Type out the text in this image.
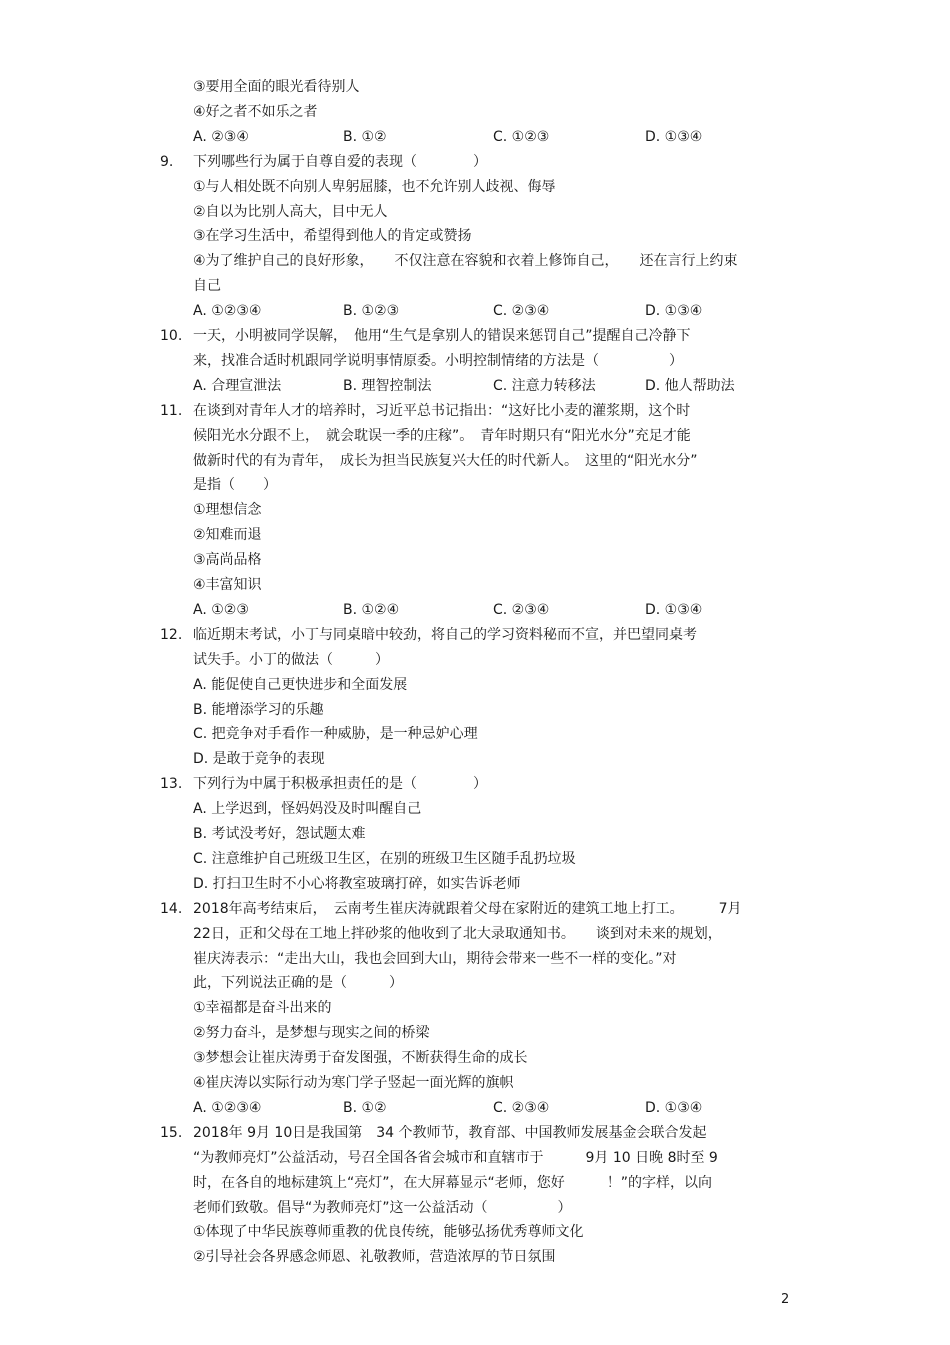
③要用全面的眼光看待别人
④好之者不如乐之者
A. ②③④	B. ①②	C. ①②③	D. ①③④
9. 下列哪些行为属于自尊自爱的表现（　　　　）
①与人相处既不向别人卑躬屈膝，也不允许别人歧视、侮辱
②自以为比别人高大，目中无人
③在学习生活中，希望得到他人的肯定或赞扬
④为了维护自己的良好形象，　　不仅注意在容貌和衣着上修饰自己，　　还在言行上约束
自己
A. ①②③④	B. ①②③	C. ②③④	D. ①③④
10. 一天，小明被同学误解，　他用“生气是拿别人的错误来惩罚自己”提醒自己冷静下
来，找准合适时机跟同学说明事情原委。小明控制情绪的方法是（　　　　　）
A. 合理宣泄法	B. 理智控制法	C. 注意力转移法	D. 他人帮助法
11. 在谈到对青年人才的培养时，习近平总书记指出：“这好比小麦的灌浆期，这个时
候阳光水分跟不上，　就会耽误一季的庄稼”。　青年时期只有“阳光水分”充足才能
做新时代的有为青年，　成长为担当民族复兴大任的时代新人。　这里的“阳光水分”
是指（　　）
①理想信念
②知难而退
③高尚品格
④丰富知识
A. ①②③	B. ①②④	C. ②③④	D. ①③④
12. 临近期末考试，小丁与同桌暗中较劲，将自己的学习资料秘而不宣，并巴望同桌考
试失手。小丁的做法（　　　）
A. 能促使自己更快进步和全面发展
B. 能增添学习的乐趣
C. 把竞争对手看作一种威胁，是一种忌妒心理
D. 是敢于竞争的表现
13. 下列行为中属于积极承担责任的是（　　　　）
A. 上学迟到，怪妈妈没及时叫醒自己
B. 考试没考好，怨试题太难
C. 注意维护自己班级卫生区，在别的班级卫生区随手乱扔垃圾
D. 打扫卫生时不小心将教室玻璃打碎，如实告诉老师
14. 2018年高考结束后，　云南考生崔庆涛就跟着父母在家附近的建筑工地上打工。　　　7月
22日，正和父母在工地上拌砂浆的他收到了北大录取通知书。　　谈到对未来的规划，
崔庆涛表示：“走出大山，我也会回到大山，期待会带来一些不一样的变化。”对
此，下列说法正确的是（　　　）
①幸福都是奋斗出来的
②努力奋斗，是梦想与现实之间的桥梁
③梦想会让崔庆涛勇于奋发图强，不断获得生命的成长
④崔庆涛以实际行动为寒门学子竖起一面光辉的旗帜
A. ①②③④	B. ①②	C. ②③④	D. ①③④
15. 2018年 9月 10日是我国第　34 个教师节，教育部、中国教师发展基金会联合发起
“为教师亮灯”公益活动，号召全国各省会城市和直辖市于　　　9月 10 日晚 8时至 9
时，在各自的地标建筑上“亮灯”，在大屏幕显示“老师，您好　　　！”的字样，以向
老师们致敬。倡导“为教师亮灯”这一公益活动（　　　　　）
①体现了中华民族尊师重教的优良传统，能够弘扬优秀尊师文化
②引导社会各界感念师恩、礼敬教师，营造浓厚的节日氛围
2
